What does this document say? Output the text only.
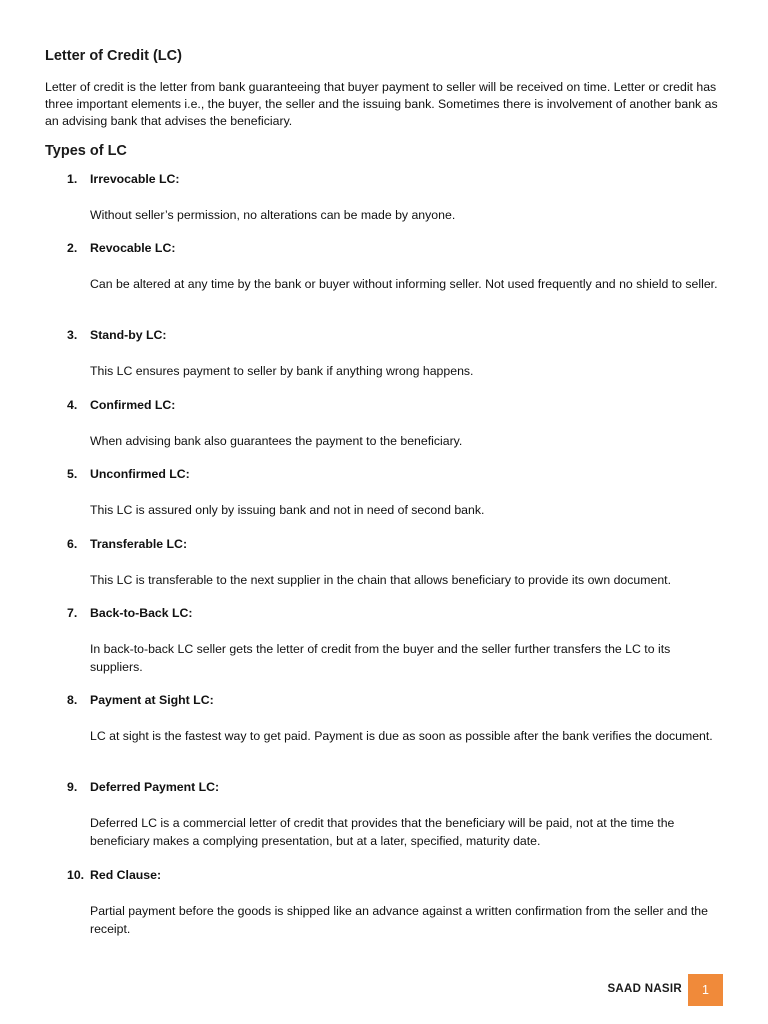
Letter of Credit (LC)
Letter of credit is the letter from bank guaranteeing that buyer payment to seller will be received on time. Letter or credit has three important elements i.e., the buyer, the seller and the issuing bank. Sometimes there is involvement of another bank as an advising bank that advises the beneficiary.
Types of LC
1. Irrevocable LC:
Without seller’s permission, no alterations can be made by anyone.
2. Revocable LC:
Can be altered at any time by the bank or buyer without informing seller. Not used frequently and no shield to seller.
3. Stand-by LC:
This LC ensures payment to seller by bank if anything wrong happens.
4. Confirmed LC:
When advising bank also guarantees the payment to the beneficiary.
5. Unconfirmed LC:
This LC is assured only by issuing bank and not in need of second bank.
6. Transferable LC:
This LC is transferable to the next supplier in the chain that allows beneficiary to provide its own document.
7. Back-to-Back LC:
In back-to-back LC seller gets the letter of credit from the buyer and the seller further transfers the LC to its suppliers.
8. Payment at Sight LC:
LC at sight is the fastest way to get paid. Payment is due as soon as possible after the bank verifies the document.
9. Deferred Payment LC:
Deferred LC is a commercial letter of credit that provides that the beneficiary will be paid, not at the time the beneficiary makes a complying presentation, but at a later, specified, maturity date.
10. Red Clause:
Partial payment before the goods is shipped like an advance against a written confirmation from the seller and the receipt.
SAAD NASIR	1
